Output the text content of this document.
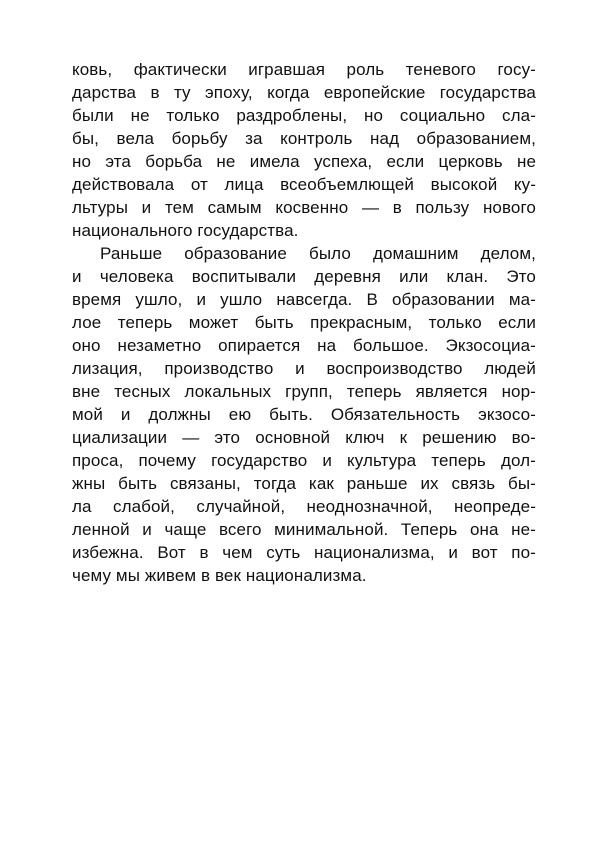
ковь, фактически игравшая роль теневого госу-
дарства в ту эпоху, когда европейские государства
были не только раздроблены, но социально сла-
бы, вела борьбу за контроль над образованием,
но эта борьба не имела успеха, если церковь не
действовала от лица всеобъемлющей высокой ку-
льтуры и тем самым косвенно — в пользу нового
национального государства.
Раньше образование было домашним делом,
и человека воспитывали деревня или клан. Это
время ушло, и ушло навсегда. В образовании ма-
лое теперь может быть прекрасным, только если
оно незаметно опирается на большое. Экзосоциа-
лизация, производство и воспроизводство людей
вне тесных локальных групп, теперь является нор-
мой и должны ею быть. Обязательность экзосо-
циализации — это основной ключ к решению во-
проса, почему государство и культура теперь дол-
жны быть связаны, тогда как раньше их связь бы-
ла слабой, случайной, неоднозначной, неопреде-
ленной и чаще всего минимальной. Теперь она не-
избежна. Вот в чем суть национализма, и вот по-
чему мы живем в век национализма.
